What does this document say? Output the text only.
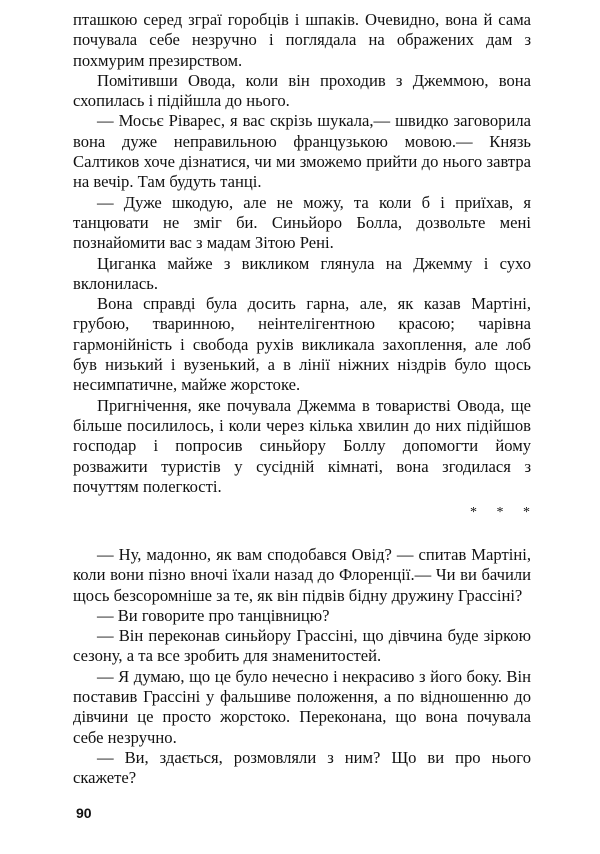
пташкою серед зграї горобців і шпаків. Очевидно, вона й сама почувала себе незручно і поглядала на ображених дам з похмурим презирством.

Помітивши Овода, коли він проходив з Джеммою, вона схопилась і підійшла до нього.

— Мосьє Ріварес, я вас скрізь шукала,— швидко заговорила вона дуже неправильною французькою мовою.— Князь Салтиков хоче дізнатися, чи ми зможемо прийти до нього завтра на вечір. Там будуть танці.

— Дуже шкодую, але не можу, та коли б і приїхав, я танцювати не зміг би. Синьйоро Болла, дозвольте мені познайомити вас з мадам Зітою Рені.

Циганка майже з викликом глянула на Джемму і сухо вклонилась.

Вона справді була досить гарна, але, як казав Мартіні, грубою, тваринною, неінтелігентною красою; чарівна гармонійність і свобода рухів викликала захоплення, але лоб був низький і вузенький, а в лінії ніжних ніздрів було щось несимпатичне, майже жорстоке.

Пригнічення, яке почувала Джемма в товаристві Овода, ще більше посилилось, і коли через кілька хвилин до них підійшов господар і попросив синьйору Боллу допомогти йому розважити туристів у сусідній кімнаті, вона згодилася з почуттям полегкості.

* * *

— Ну, мадонно, як вам сподобався Овід? — спитав Мартіні, коли вони пізно вночі їхали назад до Флоренції.— Чи ви бачили щось безсоромніше за те, як він підвів бідну дружину Грассіні?

— Ви говорите про танцівницю?

— Він переконав синьйору Грассіні, що дівчина буде зіркою сезону, а та все зробить для знаменитостей.

— Я думаю, що це було нечесно і некрасиво з його боку. Він поставив Грассіні у фальшиве положення, а по відношенню до дівчини це просто жорстоко. Переконана, що вона почувала себе незручно.

— Ви, здається, розмовляли з ним? Що ви про нього скажете?

90
